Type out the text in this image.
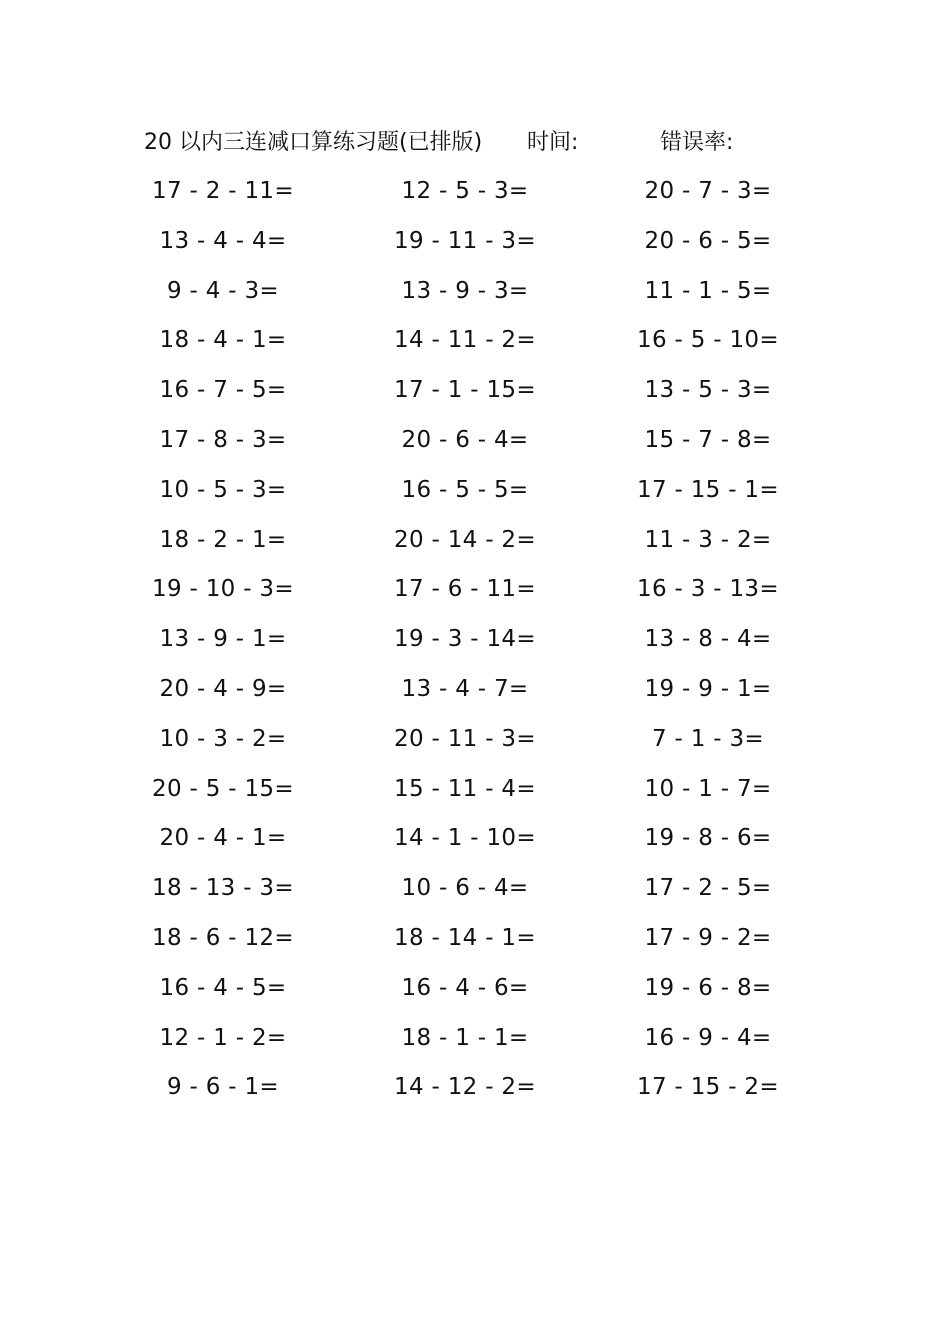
20 以内三连减口算练习题(已排版) 时间:	错误率:
17 - 2 - 11=	12 - 5 - 3=	20 - 7 - 3=
13 - 4 - 4=	19 - 11 - 3=	20 - 6 - 5=
9 - 4 - 3=	13 - 9 - 3=	11 - 1 - 5=
18 - 4 - 1=	14 - 11 - 2=	16 - 5 - 10=
16 - 7 - 5=	17 - 1 - 15=	13 - 5 - 3=
17 - 8 - 3=	20 - 6 - 4=	15 - 7 - 8=
10 - 5 - 3=	16 - 5 - 5=	17 - 15 - 1=
18 - 2 - 1=	20 - 14 - 2=	11 - 3 - 2=
19 - 10 - 3=	17 - 6 - 11=	16 - 3 - 13=
13 - 9 - 1=	19 - 3 - 14=	13 - 8 - 4=
20 - 4 - 9=	13 - 4 - 7=	19 - 9 - 1=
10 - 3 - 2=	20 - 11 - 3=	7 - 1 - 3=
20 - 5 - 15=	15 - 11 - 4=	10 - 1 - 7=
20 - 4 - 1=	14 - 1 - 10=	19 - 8 - 6=
18 - 13 - 3=	10 - 6 - 4=	17 - 2 - 5=
18 - 6 - 12=	18 - 14 - 1=	17 - 9 - 2=
16 - 4 - 5=	16 - 4 - 6=	19 - 6 - 8=
12 - 1 - 2=	18 - 1 - 1=	16 - 9 - 4=
9 - 6 - 1=	14 - 12 - 2=	17 - 15 - 2=
